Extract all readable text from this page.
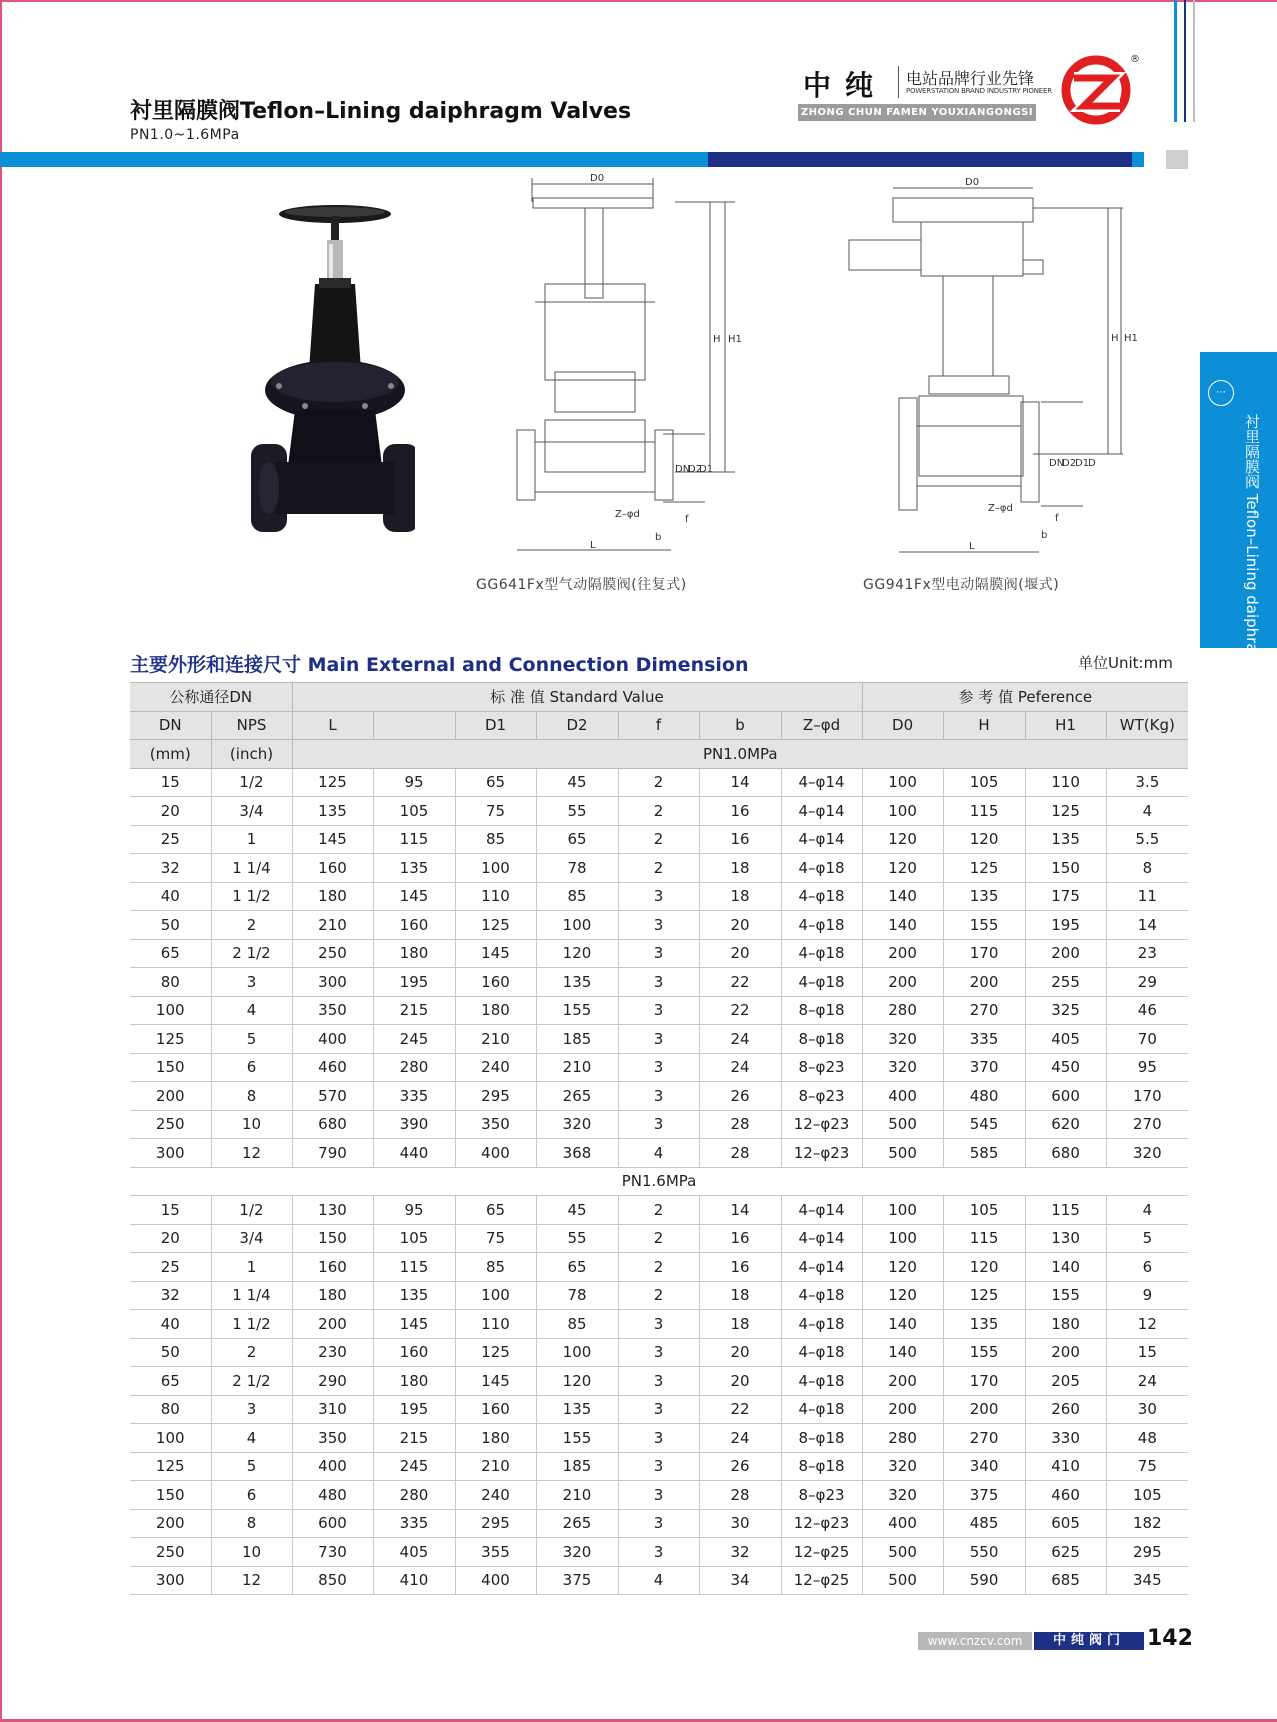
衬里隔膜阀Teflon–Lining daiphragm Valves
PN1.0~1.6MPa
中纯 电站品牌行业先锋
POWERSTATION BRAND INDUSTRY PIONEER
ZHONG CHUN FAMEN YOUXIANGONGSI
®
⋯
衬里隔膜阀 Teflon–Lining daiphragm Valves
D0
H H1
DN
D2
D1
Z–φd
L
b
f
GG641Fx型气动隔膜阀(往复式)
D0
H H1
DN
D2
D1
D
Z–φd
L
b
f
GG941Fx型电动隔膜阀(堰式)
主要外形和连接尺寸 Main External and Connection Dimension	单位Unit:mm
公称通径DN		标 准 值 Standard Value							参 考 值 Peference			
DN	NPS	L		D1	D2	f	b	Z–φd	D0	H	H1	WT(Kg)
(mm)	(inch)	PN1.0MPa										
15	1/2	125	95	65	45	2	14	4–φ14	100	105	110	3.5
20	3/4	135	105	75	55	2	16	4–φ14	100	115	125	4
25	1	145	115	85	65	2	16	4–φ14	120	120	135	5.5
32	1 1/4	160	135	100	78	2	18	4–φ18	120	125	150	8
40	1 1/2	180	145	110	85	3	18	4–φ18	140	135	175	11
50	2	210	160	125	100	3	20	4–φ18	140	155	195	14
65	2 1/2	250	180	145	120	3	20	4–φ18	200	170	200	23
80	3	300	195	160	135	3	22	4–φ18	200	200	255	29
100	4	350	215	180	155	3	22	8–φ18	280	270	325	46
125	5	400	245	210	185	3	24	8–φ18	320	335	405	70
150	6	460	280	240	210	3	24	8–φ23	320	370	450	95
200	8	570	335	295	265	3	26	8–φ23	400	480	600	170
250	10	680	390	350	320	3	28	12–φ23	500	545	620	270
300	12	790	440	400	368	4	28	12–φ23	500	585	680	320
PN1.6MPa												
15	1/2	130	95	65	45	2	14	4–φ14	100	105	115	4
20	3/4	150	105	75	55	2	16	4–φ14	100	115	130	5
25	1	160	115	85	65	2	16	4–φ14	120	120	140	6
32	1 1/4	180	135	100	78	2	18	4–φ18	120	125	155	9
40	1 1/2	200	145	110	85	3	18	4–φ18	140	135	180	12
50	2	230	160	125	100	3	20	4–φ18	140	155	200	15
65	2 1/2	290	180	145	120	3	20	4–φ18	200	170	205	24
80	3	310	195	160	135	3	22	4–φ18	200	200	260	30
100	4	350	215	180	155	3	24	8–φ18	280	270	330	48
125	5	400	245	210	185	3	26	8–φ18	320	340	410	75
150	6	480	280	240	210	3	28	8–φ23	320	375	460	105
200	8	600	335	295	265	3	30	12–φ23	400	485	605	182
250	10	730	405	355	320	3	32	12–φ25	500	550	625	295
300	12	850	410	400	375	4	34	12–φ25	500	590	685	345
www.cnzcv.com	中纯阀门	142
